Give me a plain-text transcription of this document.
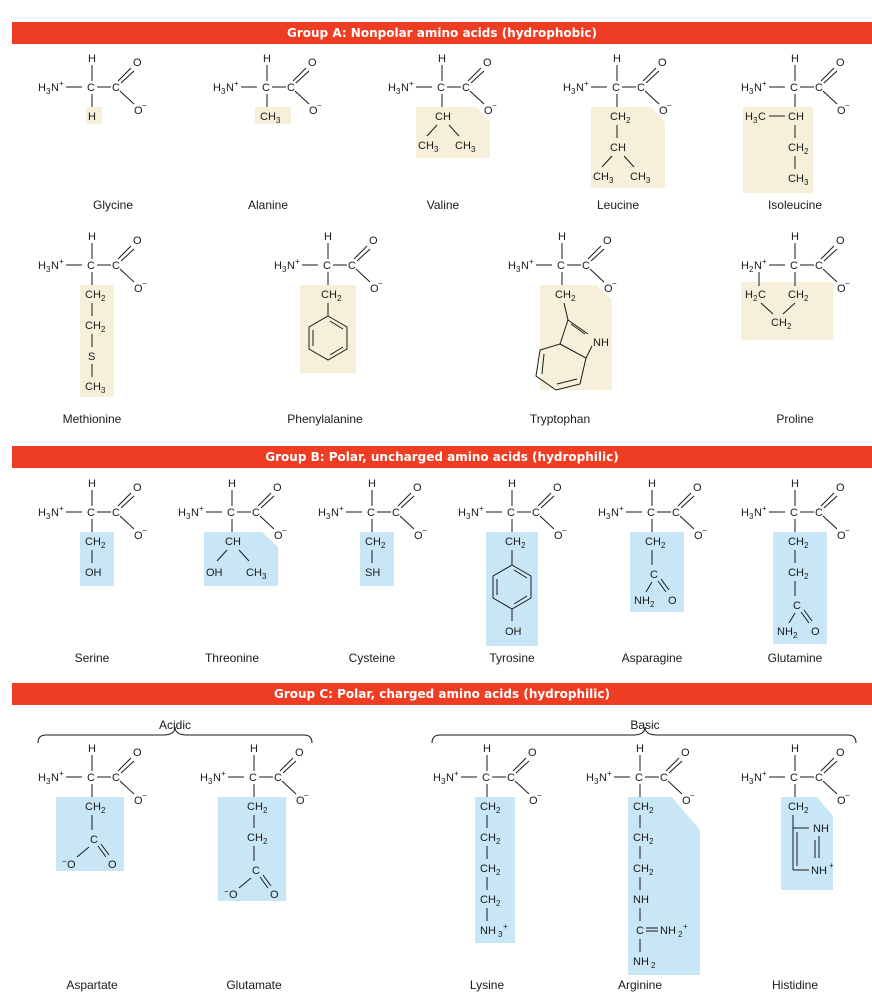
Group A: Nonpolar amino acids (hydrophobic)
Group B: Polar, uncharged amino acids (hydrophilic)
Group C: Polar, charged amino acids (hydrophilic)
H
H 3 N + C C
O
O −
H
H
H 3 N + C C
O
O −
CH 3
H
H 3 N + C C
O
O −
CH
CH 3 CH 3
H
H 3 N + C C
O
O −
CH 2
CH
CH 3 CH 3
H
H 3 N + C C
O
O −
H 3 C CH
CH 2
CH 3
Glycine	Alanine	Valine	Leucine	Isoleucine
H
H 3 N + C C
O
O −
CH 2
CH 2
S
CH 3
H
H 3 N + C C
O
O −
CH 2
H
H 3 N + C C
O
O −
CH 2
NH
H
H 2 N + C C
O
O −
H 2 C CH 2
CH 2
Methionine	Phenylalanine	Tryptophan	Proline
H
H 3 N + C C
O
O −
CH 2
OH
H
H 3 N + C C
O
O −
CH
OH CH 3
H
H 3 N + C C
O
O −
CH 2
SH
H
H 3 N + C C
O
O −
CH 2
OH
H
H 3 N + C C
O
O −
CH 2
C
NH 2 O
H
H 3 N + C C
O
O −
CH 2
CH 2
C
NH 2 O
Serine	Threonine	Cysteine	Tyrosine	Asparagine	Glutamine
Acidic	Basic
H
H 3 N + C C
O
O −
CH 2
C
− O	O
H
H 3 N + C C
O
O −
CH 2
CH 2
C
− O	O
H
H 3 N + C C
O
O −
CH 2
CH 2
CH 2
CH 2
NH 3
+
H
H 3 N + C C
O
O −
CH 2
CH 2
CH 2
NH
C NH 2
+
NH 2
H
H 3 N + C C
O
O −
CH 2
NH
NH +
Aspartate	Glutamate	Lysine	Arginine	Histidine
